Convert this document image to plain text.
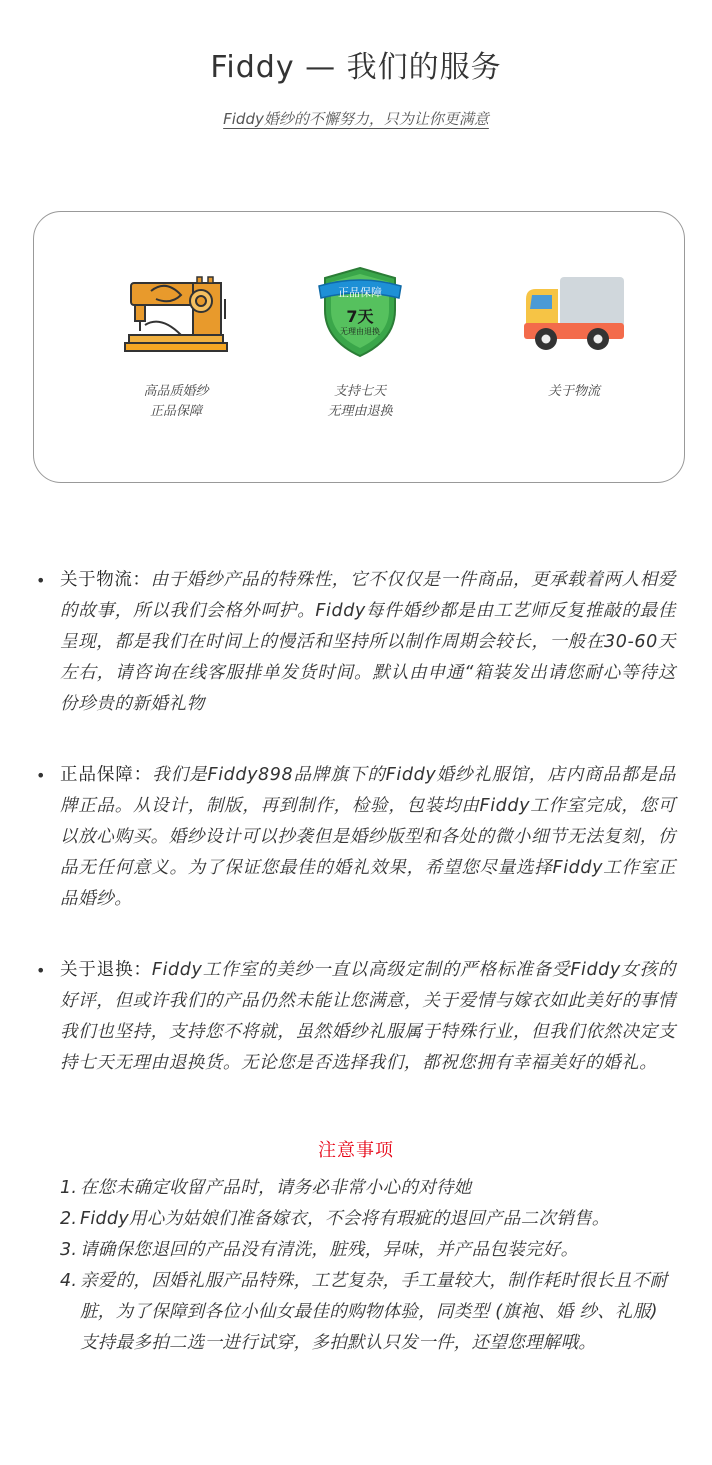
Fiddy — 我们的服务
Fiddy婚纱的不懈努力，只为让你更满意
高品质婚纱
正品保障
正品保障
7天
无理由退换
支持七天
无理由退换
关于物流
• 关于物流：由于婚纱产品的特殊性，它不仅仅是一件商品，更承载着两人相爱的故事，所以我们会格外呵护。Fiddy每件婚纱都是由工艺师反复推敲的最佳呈现，都是我们在时间上的慢活和坚持所以制作周期会较长，一般在30-60天左右，请咨询在线客服排单发货时间。默认由申通“箱装发出请您耐心等待这份珍贵的新婚礼物

• 正品保障：我们是Fiddy898品牌旗下的Fiddy婚纱礼服馆，店内商品都是品牌正品。从设计，制版，再到制作，检验，包装均由Fiddy工作室完成，您可以放心购买。婚纱设计可以抄袭但是婚纱版型和各处的微小细节无法复刻，仿品无任何意义。为了保证您最佳的婚礼效果，希望您尽量选择Fiddy工作室正品婚纱。

• 关于退换：Fiddy工作室的美纱一直以高级定制的严格标准备受Fiddy女孩的好评，但或许我们的产品仍然未能让您满意，关于爱情与嫁衣如此美好的事情我们也坚持，支持您不将就，虽然婚纱礼服属于特殊行业，但我们依然决定支持七天无理由退换货。无论您是否选择我们，都祝您拥有幸福美好的婚礼。

注意事项
1. 在您未确定收留产品时，请务必非常小心的对待她
2. Fiddy用心为姑娘们准备嫁衣，不会将有瑕疵的退回产品二次销售。
3. 请确保您退回的产品没有清洗，脏残，异味，并产品包装完好。
4. 亲爱的，因婚礼服产品特殊，工艺复杂，手工量较大，制作耗时很长且不耐脏，为了保障到各位小仙女最佳的购物体验，同类型 (旗袍、婚 纱、礼服) 支持最多拍二选一进行试穿，多拍默认只发一件，还望您理解哦。
